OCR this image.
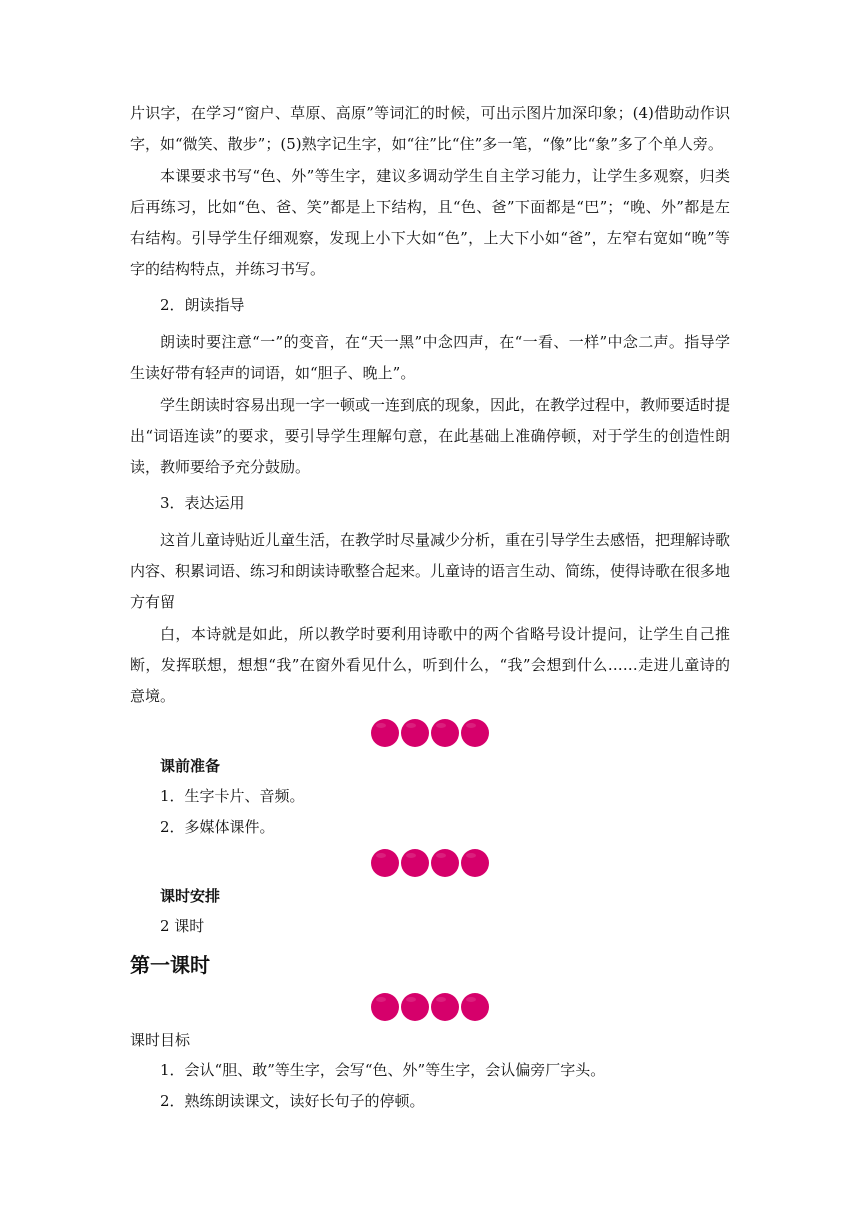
片识字，在学习“窗户、草原、高原”等词汇的时候，可出示图片加深印象；(4)借助动作识字，如“微笑、散步”；(5)熟字记生字，如“往”比“住”多一笔，“像”比“象”多了个单人旁。

本课要求书写“色、外”等生字，建议多调动学生自主学习能力，让学生多观察，归类后再练习，比如“色、爸、笑”都是上下结构，且“色、爸”下面都是“巴”；“晚、外”都是左右结构。引导学生仔细观察，发现上小下大如“色”，上大下小如“爸”，左窄右宽如“晚”等字的结构特点，并练习书写。

2．朗读指导

朗读时要注意“一”的变音，在“天一黑”中念四声，在“一看、一样”中念二声。指导学生读好带有轻声的词语，如“胆子、晚上”。

学生朗读时容易出现一字一顿或一连到底的现象，因此，在教学过程中，教师要适时提出“词语连读”的要求，要引导学生理解句意，在此基础上准确停顿，对于学生的创造性朗读，教师要给予充分鼓励。

3．表达运用

这首儿童诗贴近儿童生活，在教学时尽量减少分析，重在引导学生去感悟，把理解诗歌内容、积累词语、练习和朗读诗歌整合起来。儿童诗的语言生动、简练，使得诗歌在很多地方有留

白，本诗就是如此，所以教学时要利用诗歌中的两个省略号设计提问，让学生自己推断，发挥联想，想想“我”在窗外看见什么，听到什么，“我”会想到什么……走进儿童诗的意境。

课前准备

1．生字卡片、音频。

2．多媒体课件。

课时安排

2 课时

第一课时

课时目标

1．会认“胆、敢”等生字，会写“色、外”等生字，会认偏旁厂字头。

2．熟练朗读课文，读好长句子的停顿。
